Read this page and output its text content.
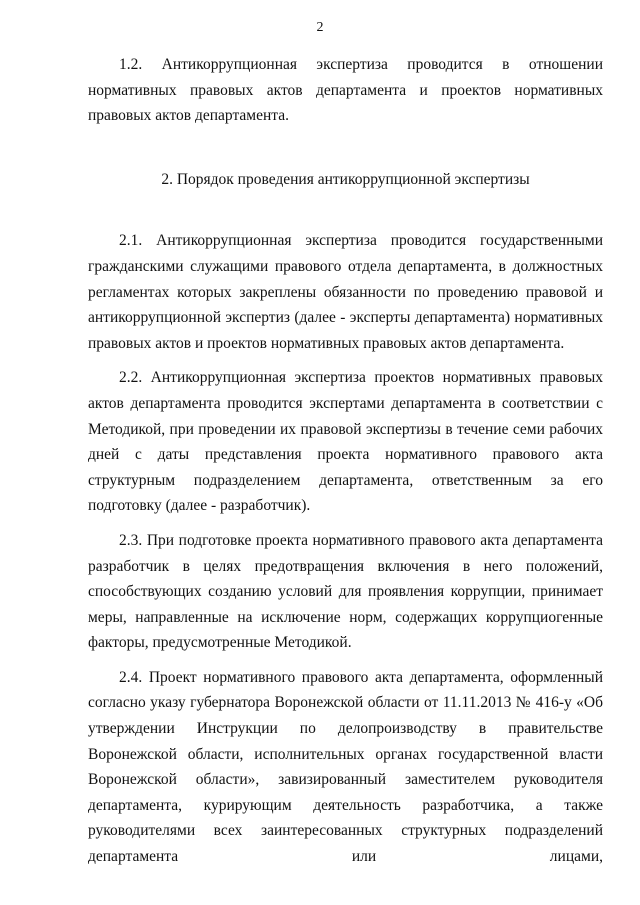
2

1.2. Антикоррупционная экспертиза проводится в отношении нормативных правовых актов департамента и проектов нормативных правовых актов департамента.

2. Порядок проведения антикоррупционной экспертизы

2.1. Антикоррупционная экспертиза проводится государственными гражданскими служащими правового отдела департамента, в должностных регламентах которых закреплены обязанности по проведению правовой и антикоррупционной экспертиз (далее - эксперты департамента) нормативных правовых актов и проектов нормативных правовых актов департамента.

2.2. Антикоррупционная экспертиза проектов нормативных правовых актов департамента проводится экспертами департамента в соответствии с Методикой, при проведении их правовой экспертизы в течение семи рабочих дней с даты представления проекта нормативного правового акта структурным подразделением департамента, ответственным за его подготовку (далее - разработчик).

2.3. При подготовке проекта нормативного правового акта департамента разработчик в целях предотвращения включения в него положений, способствующих созданию условий для проявления коррупции, принимает меры, направленные на исключение норм, содержащих коррупциогенные факторы, предусмотренные Методикой.

2.4. Проект нормативного правового акта департамента, оформленный согласно указу губернатора Воронежской области от 11.11.2013 № 416-у «Об утверждении Инструкции по делопроизводству в правительстве Воронежской области, исполнительных органах государственной власти Воронежской области», завизированный заместителем руководителя департамента, курирующим деятельность разработчика, а также руководителями всех заинтересованных структурных подразделений департамента или лицами,
